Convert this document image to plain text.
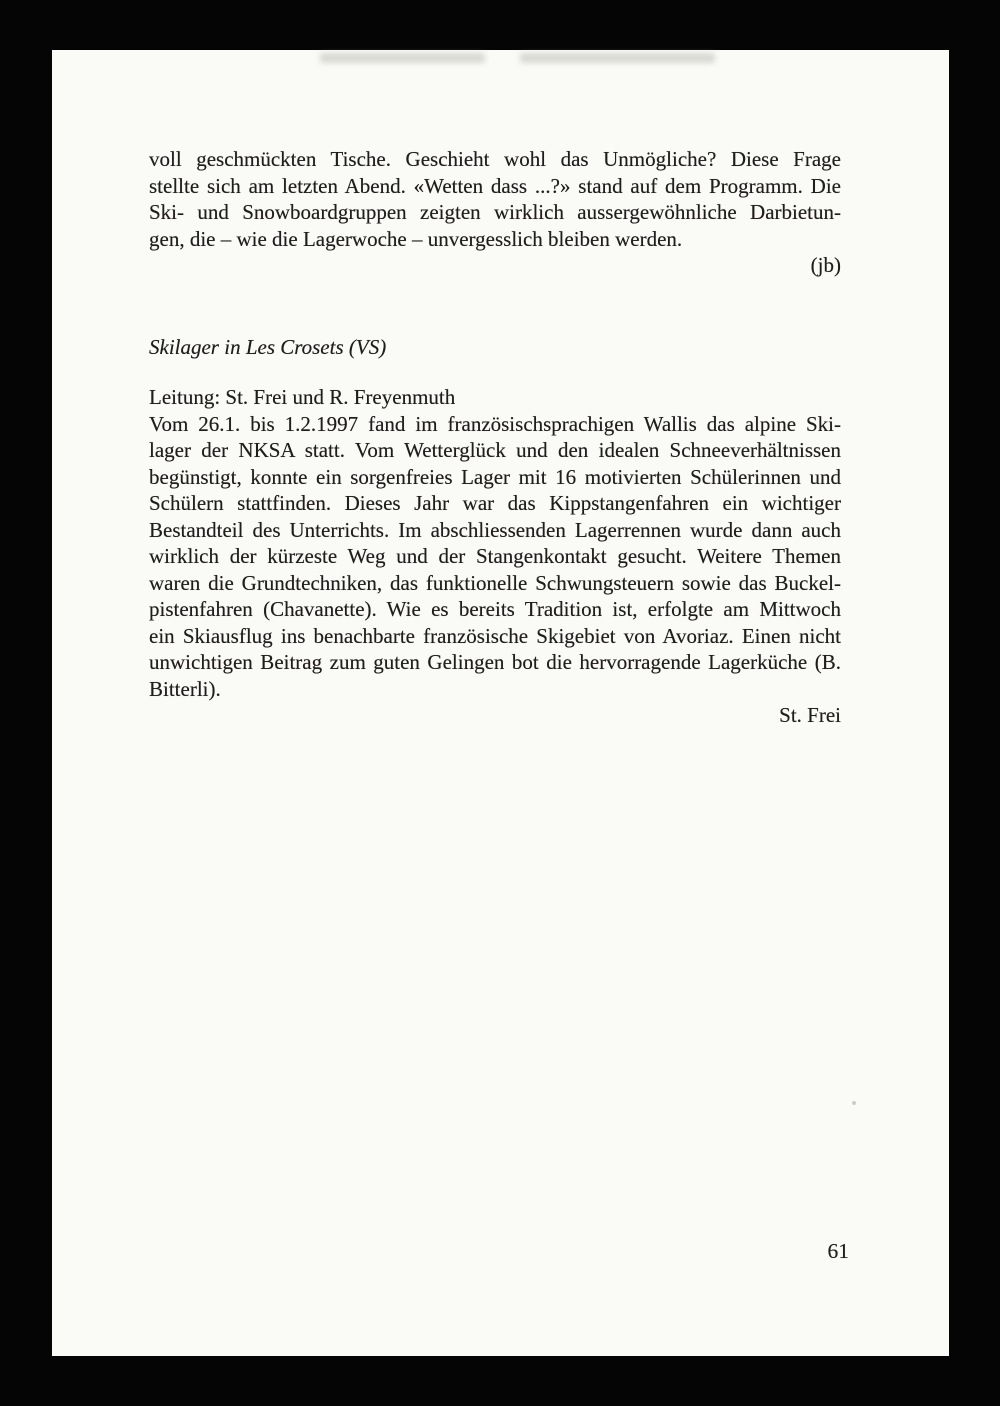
voll geschmückten Tische. Geschieht wohl das Unmögliche? Diese Frage
stellte sich am letzten Abend. «Wetten dass ...?» stand auf dem Programm. Die
Ski- und Snowboardgruppen zeigten wirklich aussergewöhnliche Darbietun-
gen, die – wie die Lagerwoche – unvergesslich bleiben werden.
(jb)
Skilager in Les Crosets (VS)
Leitung: St. Frei und R. Freyenmuth
Vom 26.1. bis 1.2.1997 fand im französischsprachigen Wallis das alpine Ski-
lager der NKSA statt. Vom Wetterglück und den idealen Schneeverhältnissen
begünstigt, konnte ein sorgenfreies Lager mit 16 motivierten Schülerinnen und
Schülern stattfinden. Dieses Jahr war das Kippstangenfahren ein wichtiger
Bestandteil des Unterrichts. Im abschliessenden Lagerrennen wurde dann auch
wirklich der kürzeste Weg und der Stangenkontakt gesucht. Weitere Themen
waren die Grundtechniken, das funktionelle Schwungsteuern sowie das Buckel-
pistenfahren (Chavanette). Wie es bereits Tradition ist, erfolgte am Mittwoch
ein Skiausflug ins benachbarte französische Skigebiet von Avoriaz. Einen nicht
unwichtigen Beitrag zum guten Gelingen bot die hervorragende Lagerküche (B.
Bitterli).
St. Frei
61
